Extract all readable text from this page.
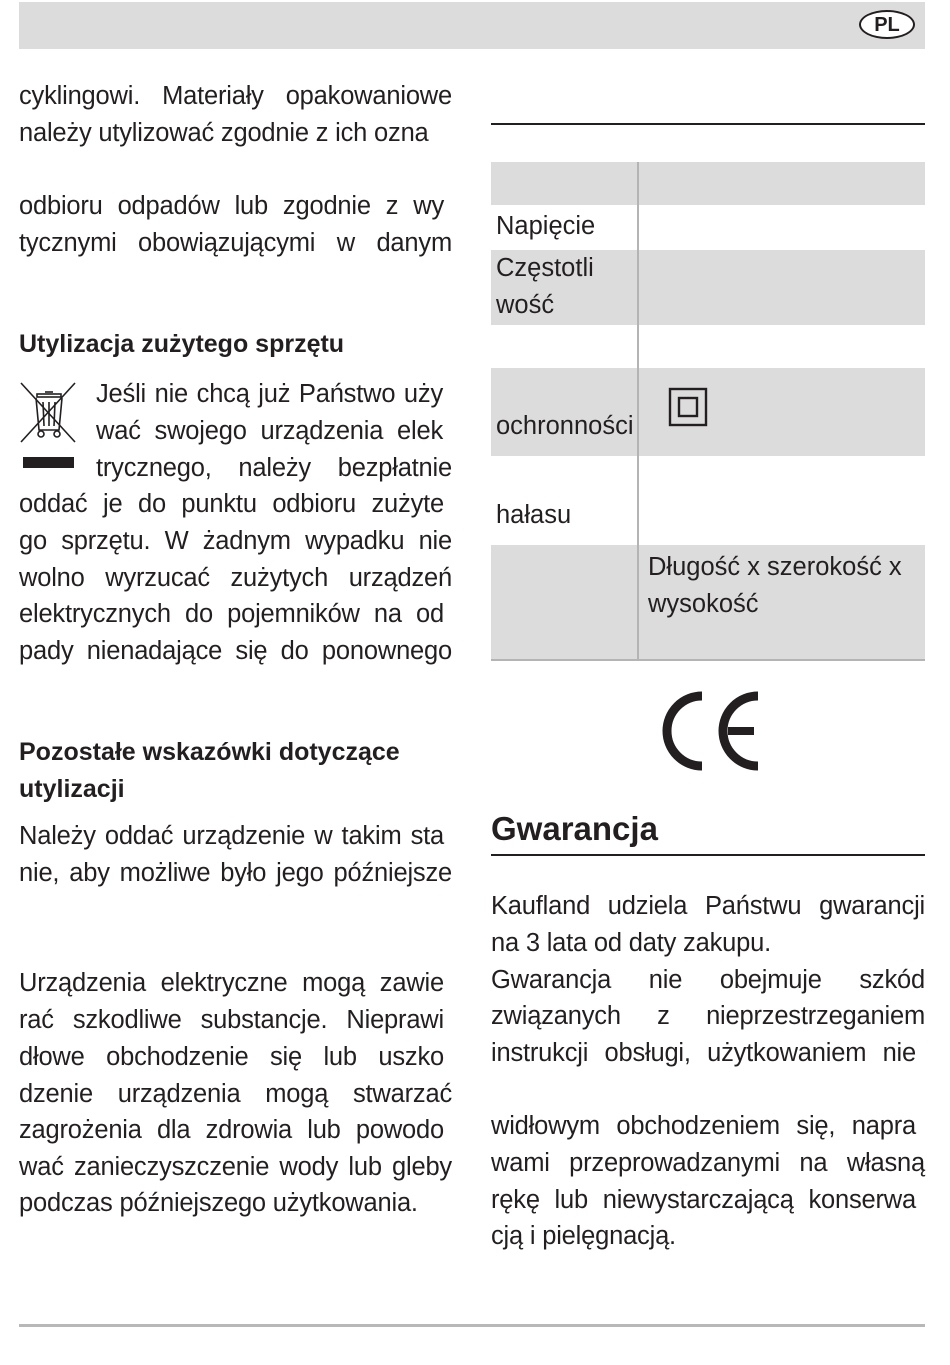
PL

cyklingowi. Materiały opakowaniowe

należy utylizować zgodnie z ich ozna

odbioru odpadów lub zgodnie z wy

tycznymi obowiązującymi w danym

Utylizacja zużytego sprzętu

Jeśli nie chcą już Państwo uży

wać swojego urządzenia elek

trycznego, należy bezpłatnie

oddać je do punktu odbioru zużyte

go sprzętu. W żadnym wypadku nie

wolno wyrzucać zużytych urządzeń

elektrycznych do pojemników na od

pady nienadające się do ponownego

Pozostałe wskazówki dotyczące
utylizacji

Należy oddać urządzenie w takim sta

nie, aby możliwe było jego późniejsze

Urządzenia elektryczne mogą zawie

rać szkodliwe substancje. Nieprawi

dłowe obchodzenie się lub uszko

dzenie urządzenia mogą stwarzać

zagrożenia dla zdrowia lub powodo

wać zanieczyszczenie wody lub gleby

podczas późniejszego użytkowania.

Napięcie

Częstotli

wość

ochronności

hałasu

Długość x szerokość x

wysokość

Gwarancja

Kaufland udziela Państwu gwarancji

na 3 lata od daty zakupu.

Gwarancja nie obejmuje szkód

związanych z nieprzestrzeganiem

instrukcji obsługi, użytkowaniem nie

widłowym obchodzeniem się, napra

wami przeprowadzanymi na własną

rękę lub niewystarczającą konserwa

cją i pielęgnacją.
